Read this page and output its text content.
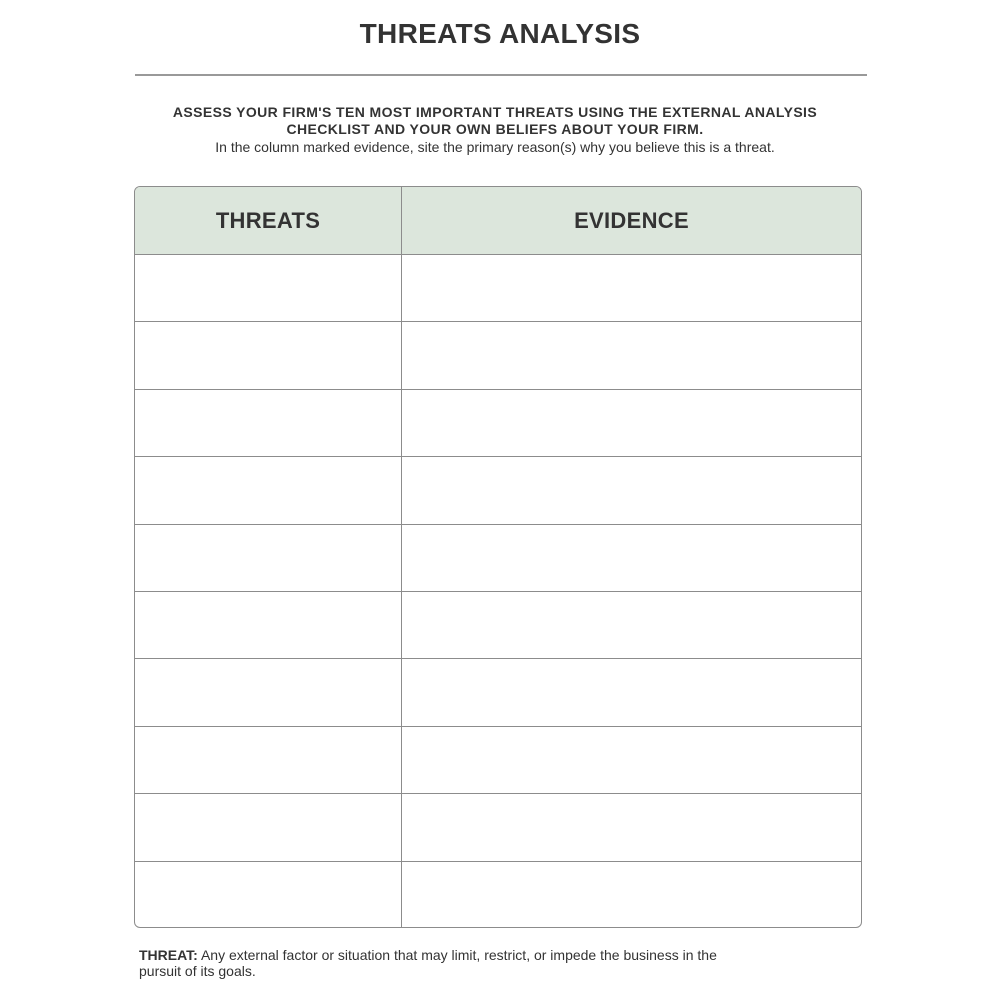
THREATS ANALYSIS
ASSESS YOUR FIRM'S TEN MOST IMPORTANT THREATS USING THE EXTERNAL ANALYSIS
CHECKLIST AND YOUR OWN BELIEFS ABOUT YOUR FIRM.
In the column marked evidence, site the primary reason(s) why you believe this is a threat.
THREATS	EVIDENCE
THREAT: Any external factor or situation that may limit, restrict, or impede the business in the pursuit of its goals.
